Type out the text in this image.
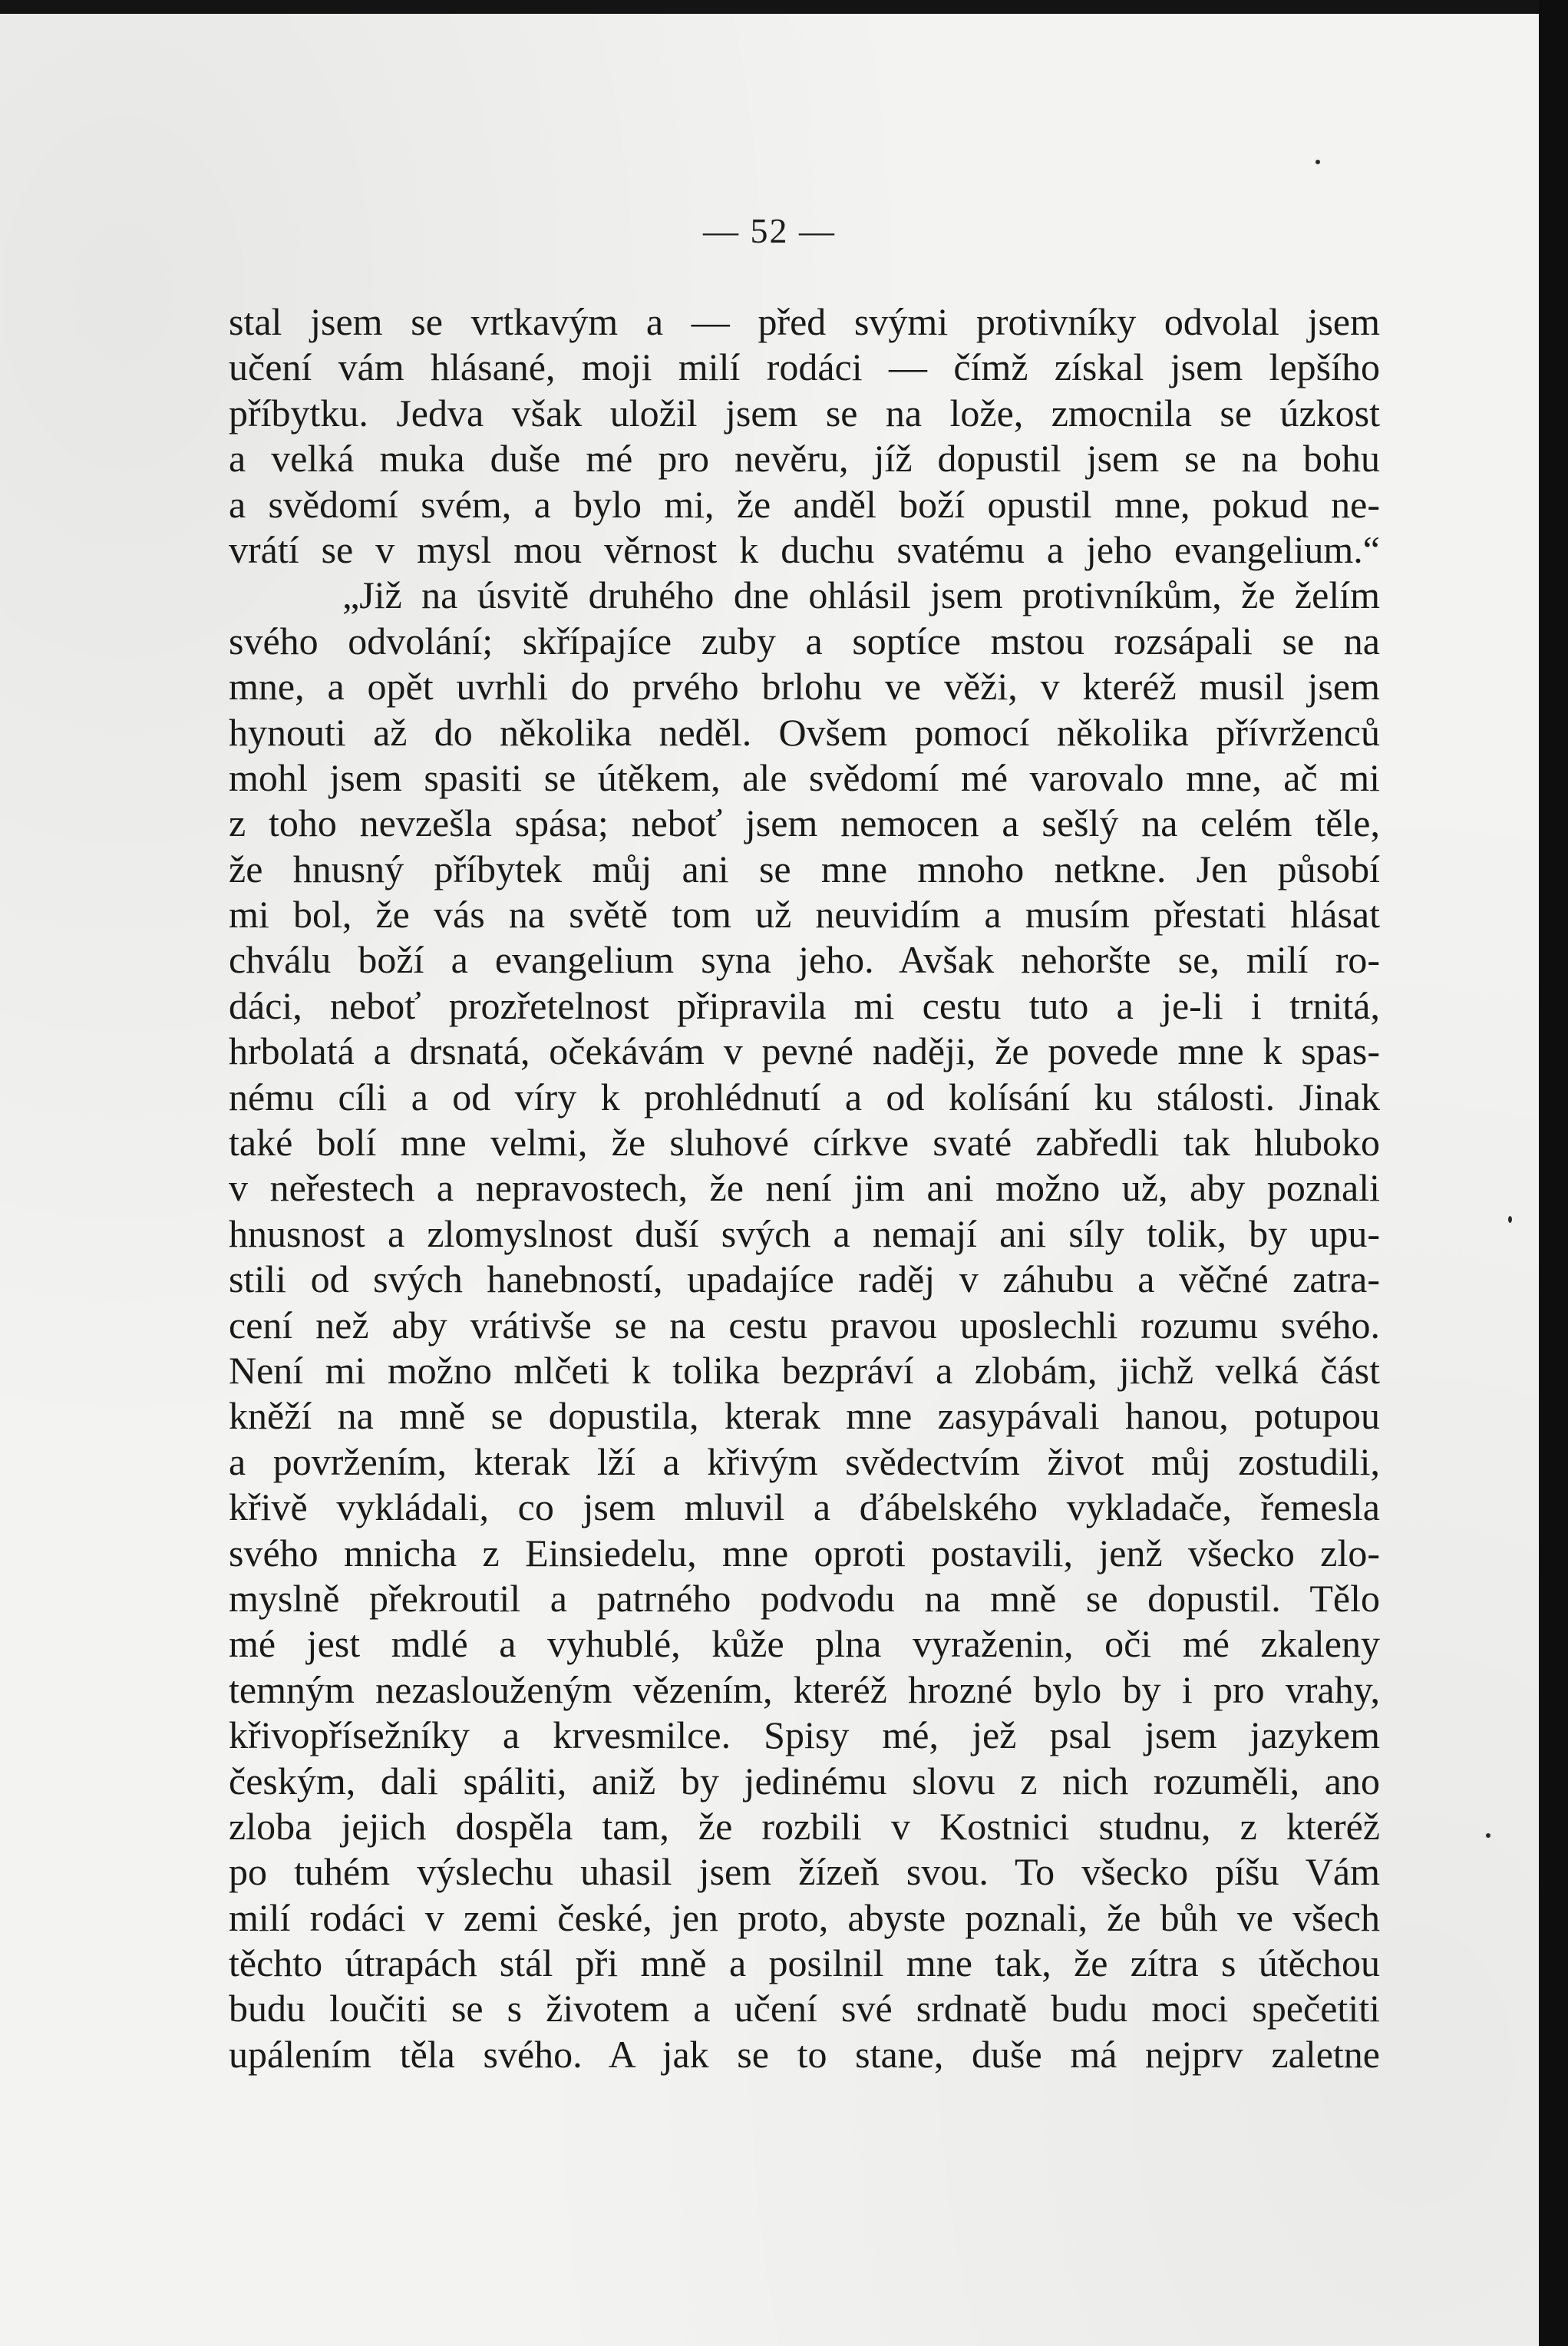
— 52 —
stal jsem se vrtkavým a — před svými protivníky odvolal jsem
učení vám hlásané, moji milí rodáci — čímž získal jsem lepšího
příbytku. Jedva však uložil jsem se na lože, zmocnila se úzkost
a velká muka duše mé pro nevěru, jíž dopustil jsem se na bohu
a svědomí svém, a bylo mi, že anděl boží opustil mne, pokud ne-
vrátí se v mysl mou věrnost k duchu svatému a jeho evangelium.“
„Již na úsvitě druhého dne ohlásil jsem protivníkům, že želím
svého odvolání; skřípajíce zuby a soptíce mstou rozsápali se na
mne, a opět uvrhli do prvého brlohu ve věži, v kteréž musil jsem
hynouti až do několika neděl. Ovšem pomocí několika přívrženců
mohl jsem spasiti se útěkem, ale svědomí mé varovalo mne, ač mi
z toho nevzešla spása; neboť jsem nemocen a sešlý na celém těle,
že hnusný příbytek můj ani se mne mnoho netkne. Jen působí
mi bol, že vás na světě tom už neuvidím a musím přestati hlásat
chválu boží a evangelium syna jeho. Avšak nehoršte se, milí ro-
dáci, neboť prozřetelnost připravila mi cestu tuto a je-li i trnitá,
hrbolatá a drsnatá, očekávám v pevné naději, že povede mne k spas-
nému cíli a od víry k prohlédnutí a od kolísání ku stálosti. Jinak
také bolí mne velmi, že sluhové církve svaté zabředli tak hluboko
v neřestech a nepravostech, že není jim ani možno už, aby poznali
hnusnost a zlomyslnost duší svých a nemají ani síly tolik, by upu-
stili od svých hanebností, upadajíce raděj v záhubu a věčné zatra-
cení než aby vrátivše se na cestu pravou uposlechli rozumu svého.
Není mi možno mlčeti k tolika bezpráví a zlobám, jichž velká část
kněží na mně se dopustila, kterak mne zasypávali hanou, potupou
a povržením, kterak lží a křivým svědectvím život můj zostudili,
křivě vykládali, co jsem mluvil a ďábelského vykladače, řemesla
svého mnicha z Einsiedelu, mne oproti postavili, jenž všecko zlo-
myslně překroutil a patrného podvodu na mně se dopustil. Tělo
mé jest mdlé a vyhublé, kůže plna vyraženin, oči mé zkaleny
temným nezaslouženým vězením, kteréž hrozné bylo by i pro vrahy,
křivopřísežníky a krvesmilce. Spisy mé, jež psal jsem jazykem
českým, dali spáliti, aniž by jedinému slovu z nich rozuměli, ano
zloba jejich dospěla tam, že rozbili v Kostnici studnu, z kteréž
po tuhém výslechu uhasil jsem žízeň svou. To všecko píšu Vám
milí rodáci v zemi české, jen proto, abyste poznali, že bůh ve všech
těchto útrapách stál při mně a posilnil mne tak, že zítra s útěchou
budu loučiti se s životem a učení své srdnatě budu moci spečetiti
upálením těla svého. A jak se to stane, duše má nejprv zaletne
